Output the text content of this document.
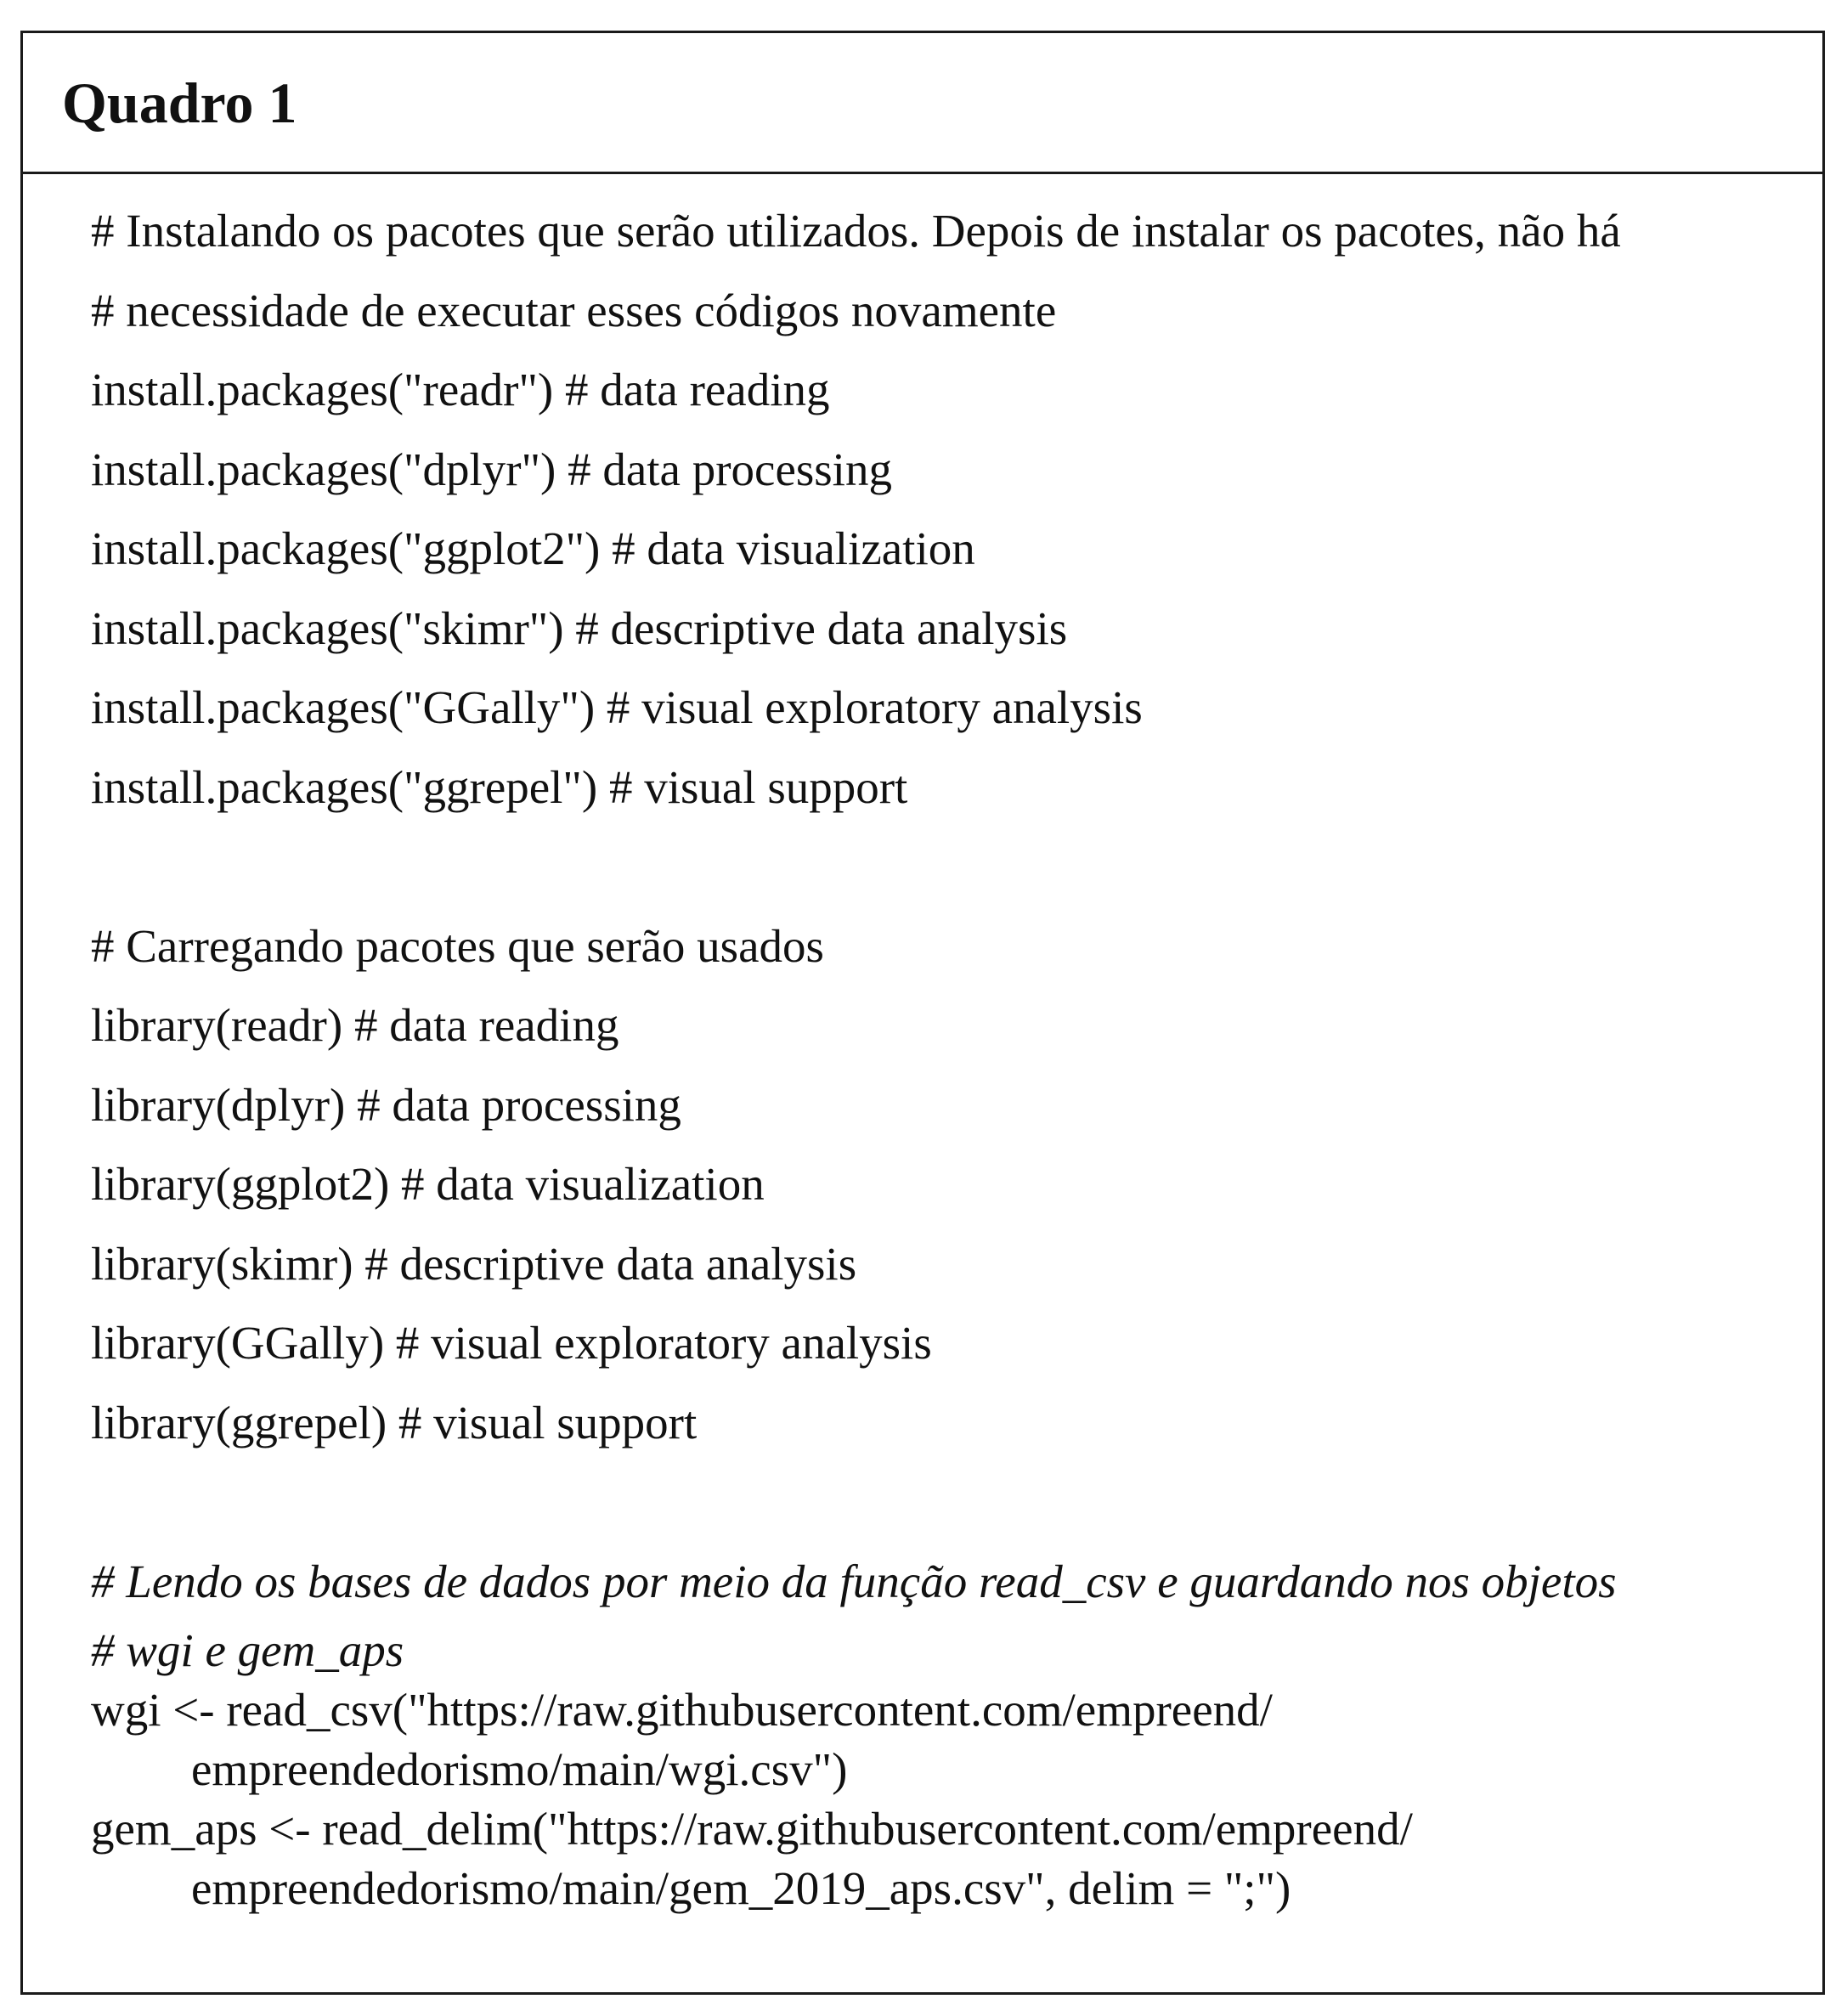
Quadro 1
# Instalando os pacotes que serão utilizados. Depois de instalar os pacotes, não há
# necessidade de executar esses códigos novamente
install.packages("readr") # data reading
install.packages("dplyr") # data processing
install.packages("ggplot2") # data visualization
install.packages("skimr") # descriptive data analysis
install.packages("GGally") # visual exploratory analysis
install.packages("ggrepel") # visual support
# Carregando pacotes que serão usados
library(readr) # data reading
library(dplyr) # data processing
library(ggplot2) # data visualization
library(skimr) # descriptive data analysis
library(GGally) # visual exploratory analysis
library(ggrepel) # visual support
# Lendo os bases de dados por meio da função read_csv e guardando nos objetos
# wgi e gem_aps
wgi <- read_csv("https://raw.githubusercontent.com/empreend/
empreendedorismo/main/wgi.csv")
gem_aps <- read_delim("https://raw.githubusercontent.com/empreend/
empreendedorismo/main/gem_2019_aps.csv", delim = ";")
